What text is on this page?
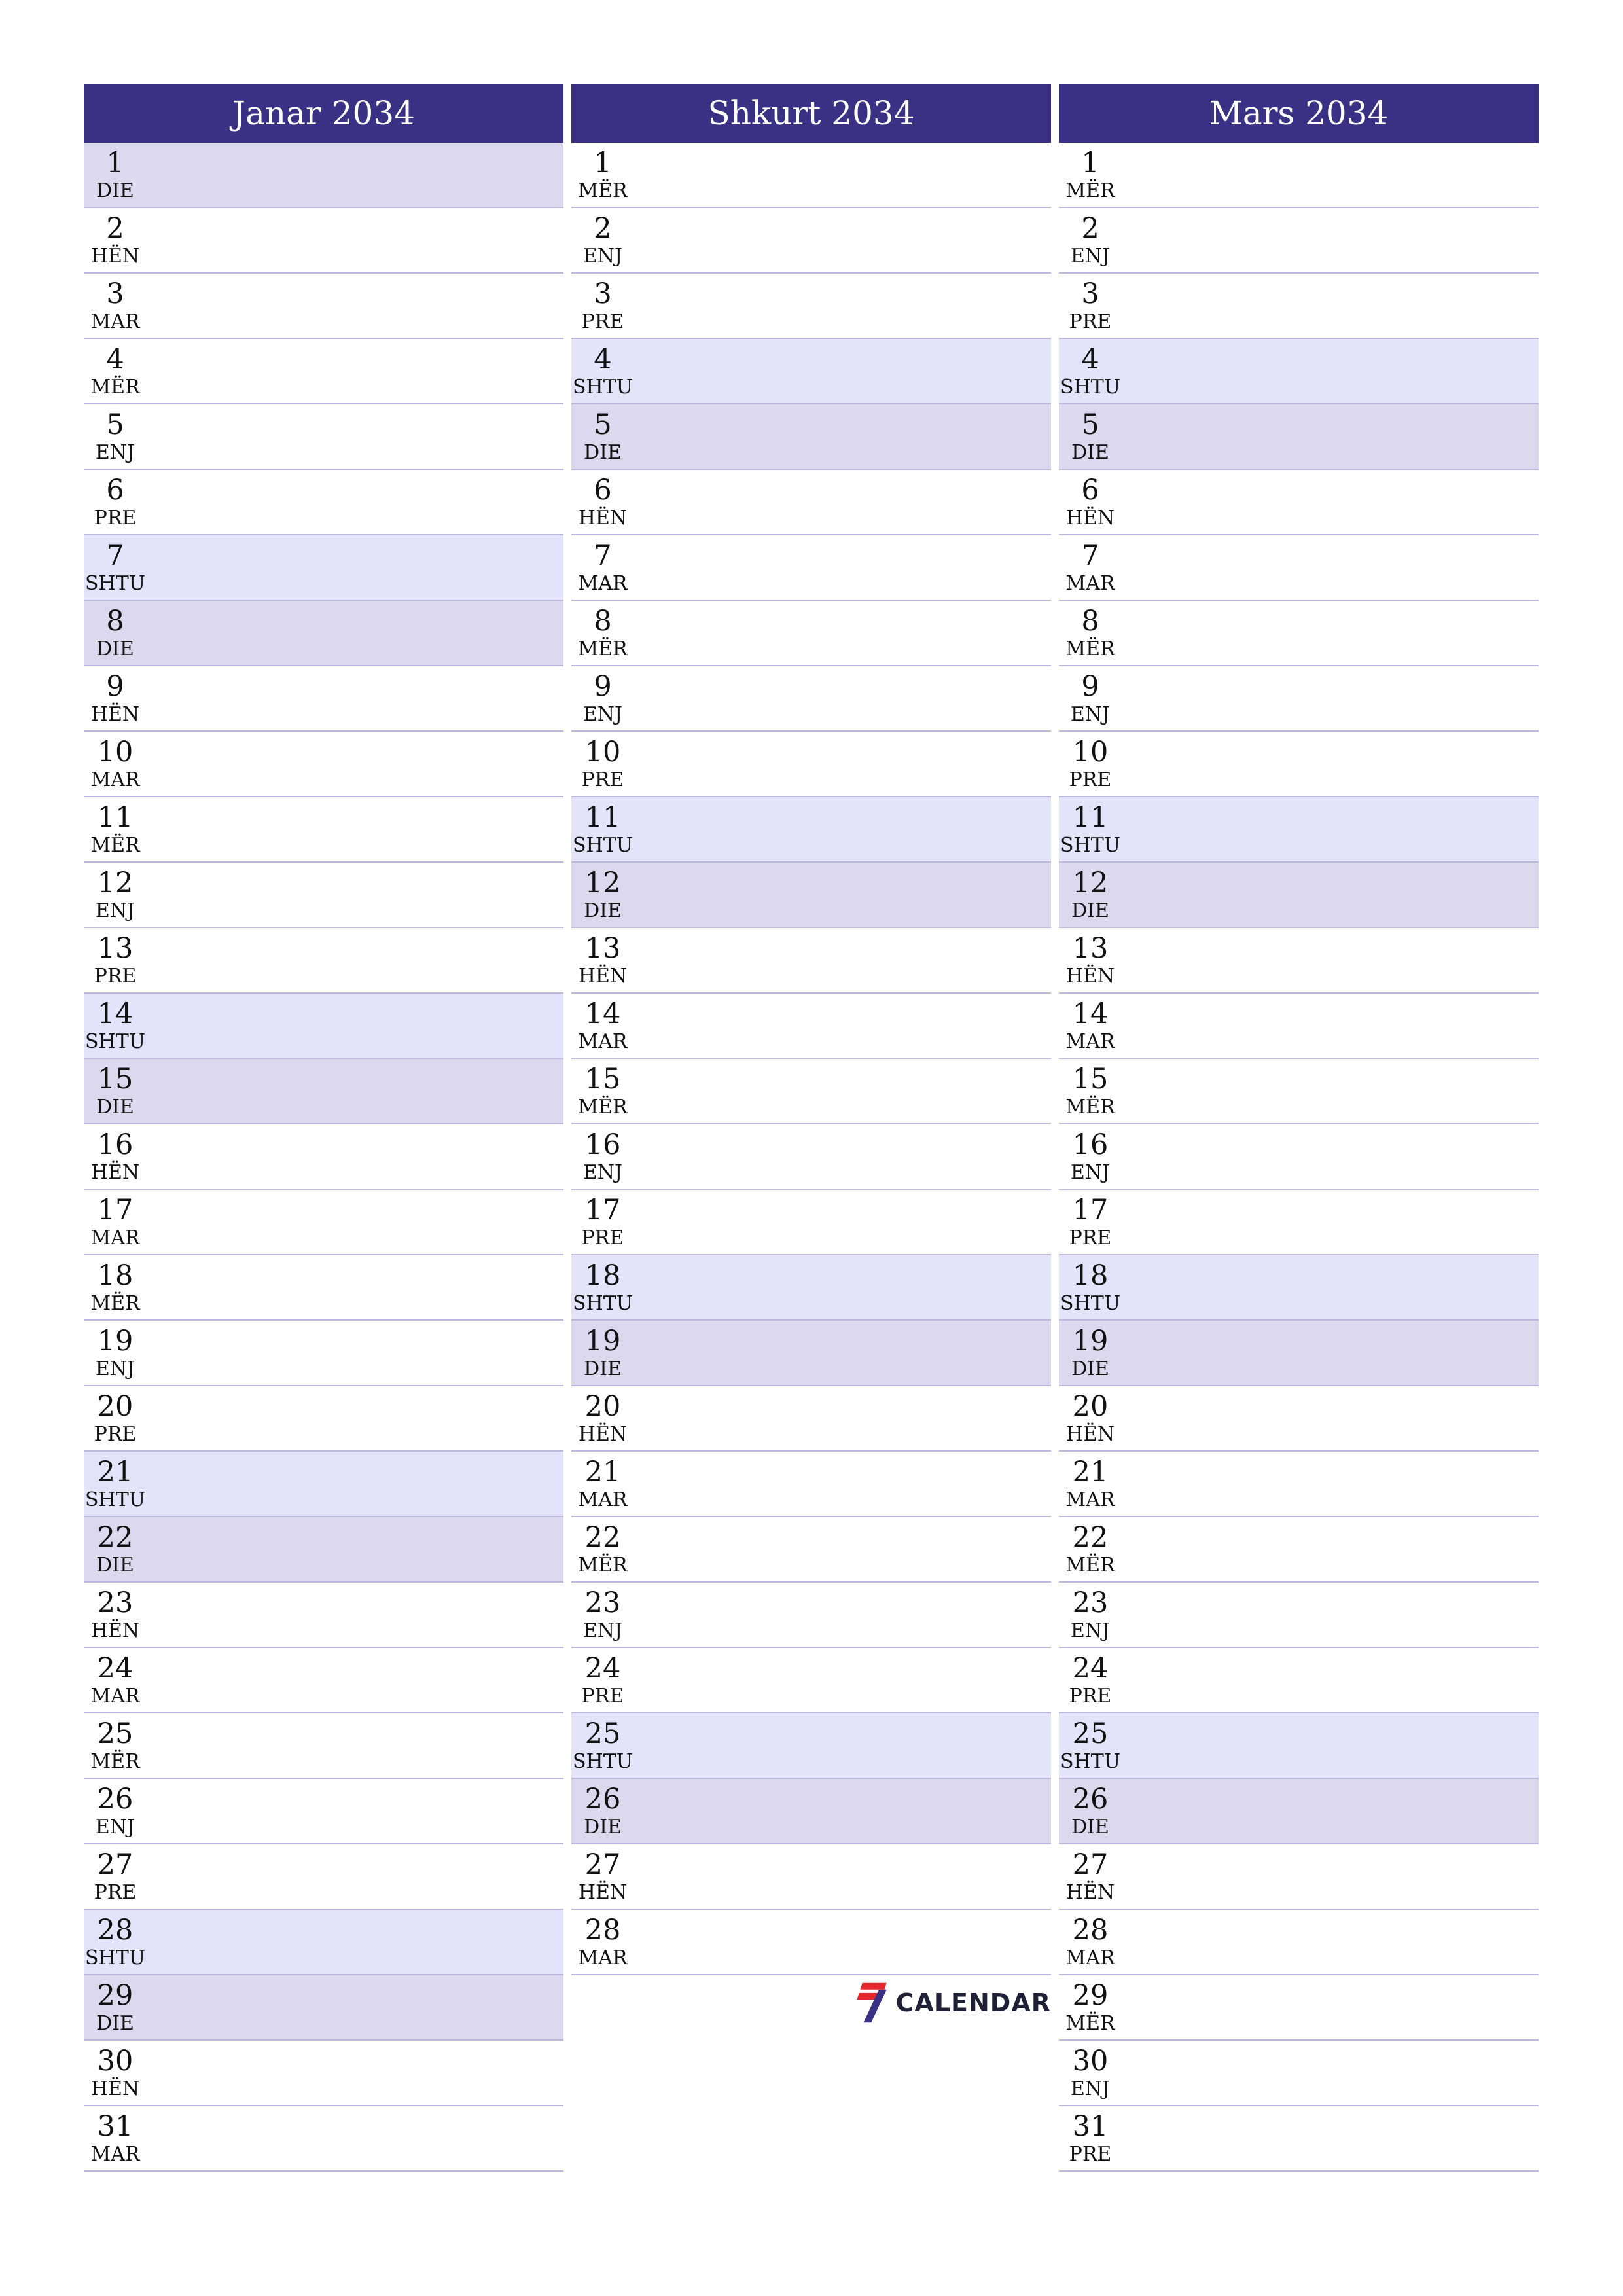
Janar 2034
1
DIE
2
HËN
3
MAR
4
MËR
5
ENJ
6
PRE
7
SHTU
8
DIE
9
HËN
10
MAR
11
MËR
12
ENJ
13
PRE
14
SHTU
15
DIE
16
HËN
17
MAR
18
MËR
19
ENJ
20
PRE
21
SHTU
22
DIE
23
HËN
24
MAR
25
MËR
26
ENJ
27
PRE
28
SHTU
29
DIE
30
HËN
31
MAR
Shkurt 2034
1
MËR
2
ENJ
3
PRE
4
SHTU
5
DIE
6
HËN
7
MAR
8
MËR
9
ENJ
10
PRE
11
SHTU
12
DIE
13
HËN
14
MAR
15
MËR
16
ENJ
17
PRE
18
SHTU
19
DIE
20
HËN
21
MAR
22
MËR
23
ENJ
24
PRE
25
SHTU
26
DIE
27
HËN
28
MAR
Mars 2034
1
MËR
2
ENJ
3
PRE
4
SHTU
5
DIE
6
HËN
7
MAR
8
MËR
9
ENJ
10
PRE
11
SHTU
12
DIE
13
HËN
14
MAR
15
MËR
16
ENJ
17
PRE
18
SHTU
19
DIE
20
HËN
21
MAR
22
MËR
23
ENJ
24
PRE
25
SHTU
26
DIE
27
HËN
28
MAR
29
MËR
30
ENJ
31
PRE
CALENDAR
